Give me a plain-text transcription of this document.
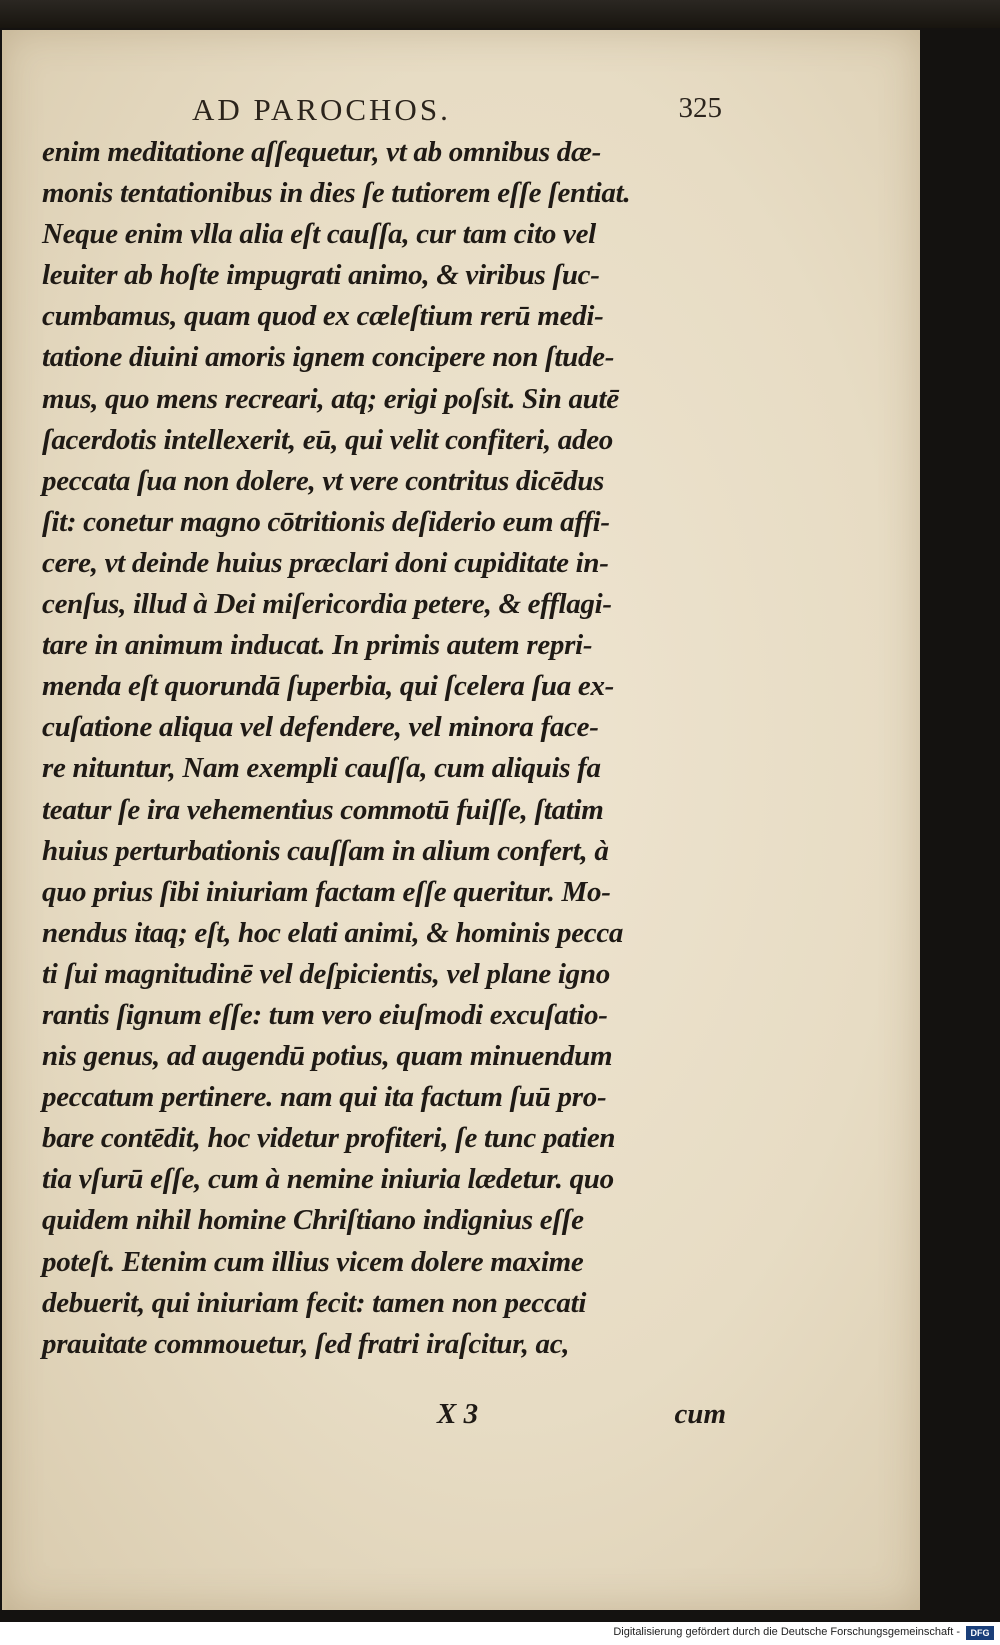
AD PAROCHOS.	325
enim meditatione aſſequetur, vt ab omnibus dæ-
monis tentationibus in dies ſe tutiorem eſſe ſentiat.
Neque enim vlla alia eſt cauſſa, cur tam cito vel
leuiter ab hoſte impugrati animo, & viribus ſuc-
cumbamus, quam quod ex cæleſtium rerū medi-
tatione diuini amoris ignem concipere non ſtude-
mus, quo mens recreari, atq; erigi poſsit. Sin autē
ſacerdotis intellexerit, eū, qui velit confiteri, adeo
peccata ſua non dolere, vt vere contritus dicēdus
ſit: conetur magno cōtritionis deſiderio eum affi-
cere, vt deinde huius præclari doni cupiditate in-
cenſus, illud à Dei miſericordia petere, & efflagi-
tare in animum inducat. In primis autem repri-
menda eſt quorundā ſuperbia, qui ſcelera ſua ex-
cuſatione aliqua vel defendere, vel minora face-
re nituntur, Nam exempli cauſſa, cum aliquis fa
teatur ſe ira vehementius commotū fuiſſe, ſtatim
huius perturbationis cauſſam in alium confert, à
quo prius ſibi iniuriam factam eſſe queritur. Mo-
nendus itaq; eſt, hoc elati animi, & hominis pecca
ti ſui magnitudinē vel deſpicientis, vel plane igno
rantis ſignum eſſe: tum vero eiuſmodi excuſatio-
nis genus, ad augendū potius, quam minuendum
peccatum pertinere. nam qui ita factum ſuū pro-
bare contēdit, hoc videtur profiteri, ſe tunc patien
tia vſurū eſſe, cum à nemine iniuria lædetur. quo
quidem nihil homine Chriſtiano indignius eſſe
poteſt. Etenim cum illius vicem dolere maxime
debuerit, qui iniuriam fecit: tamen non peccati
prauitate commouetur, ſed fratri iraſcitur, ac,
X 3	cum
Digitalisierung gefördert durch die Deutsche Forschungsgemeinschaft -	DFG
